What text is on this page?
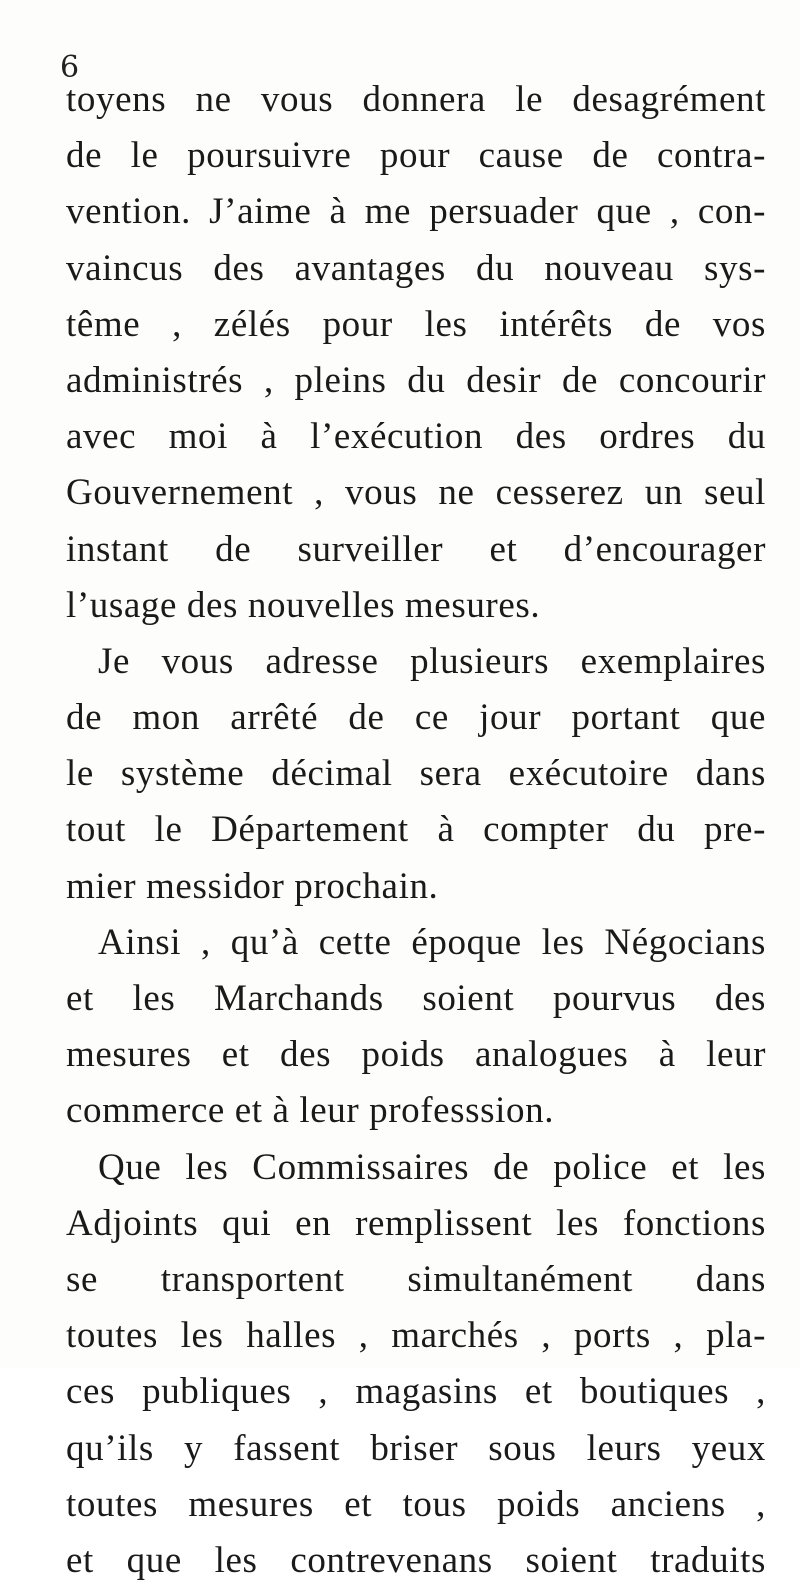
6
toyens ne vous donnera le desagrément
de le poursuivre pour cause de contra-
vention. J’aime à me persuader que , con-
vaincus des avantages du nouveau sys-
tême , zélés pour les intérêts de vos
administrés , pleins du desir de concourir
avec moi à l’exécution des ordres du
Gouvernement , vous ne cesserez un seul
instant de surveiller et d’encourager
l’usage des nouvelles mesures.
Je vous adresse plusieurs exemplaires
de mon arrêté de ce jour portant que
le système décimal sera exécutoire dans
tout le Département à compter du pre-
mier messidor prochain.
Ainsi , qu’à cette époque les Négocians
et les Marchands soient pourvus des
mesures et des poids analogues à leur
commerce et à leur professsion.
Que les Commissaires de police et les
Adjoints qui en remplissent les fonctions
se transportent simultanément dans
toutes les halles , marchés , ports , pla-
ces publiques , magasins et boutiques ,
qu’ils y fassent briser sous leurs yeux
toutes mesures et tous poids anciens ,
et que les contrevenans soient traduits
